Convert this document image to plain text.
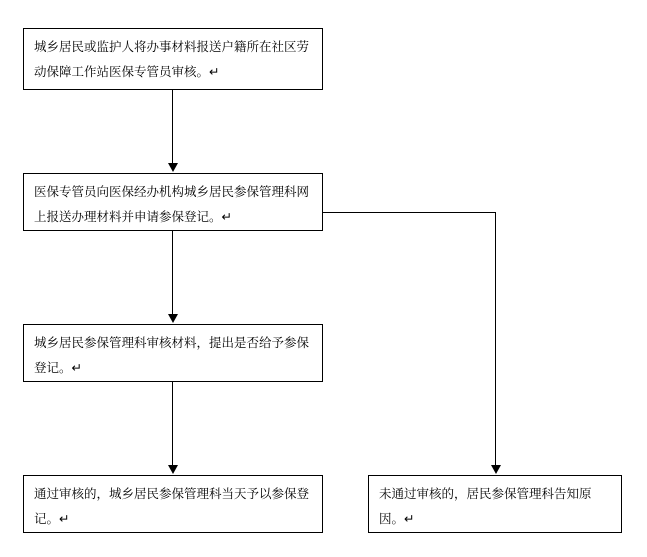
城乡居民或监护人将办事材料报送户籍所在社区劳动保障工作站医保专管员审核。↵
医保专管员向医保经办机构城乡居民参保管理科网上报送办理材料并申请参保登记。↵
城乡居民参保管理科审核材料，提出是否给予参保登记。↵
通过审核的，城乡居民参保管理科当天予以参保登记。↵
未通过审核的，居民参保管理科告知原因。↵
